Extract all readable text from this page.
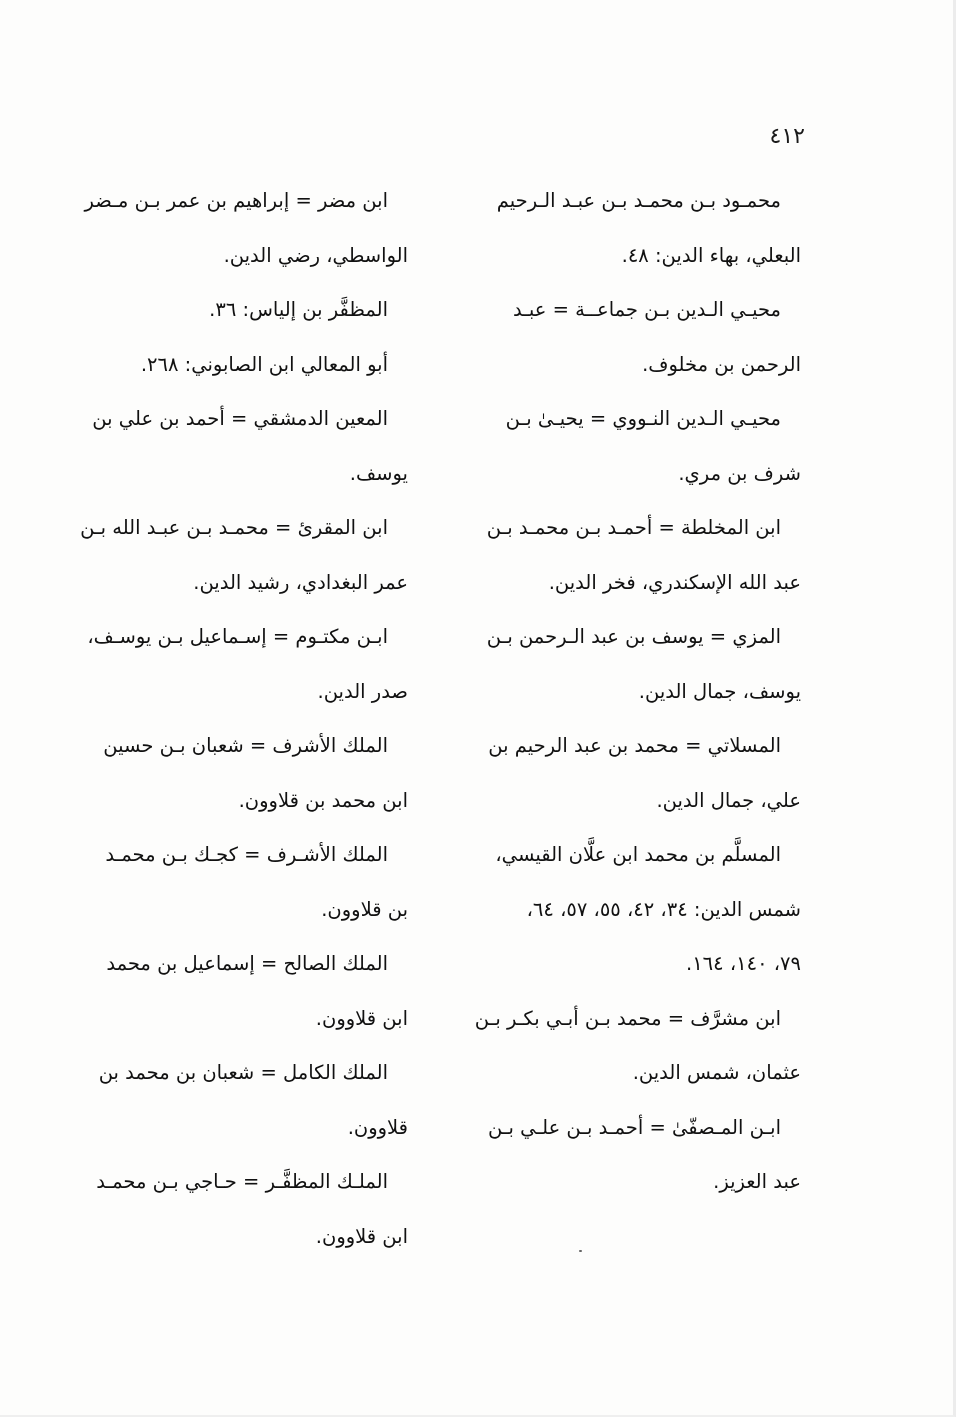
٤١٢

محمـود بـن محمـد بـن عبـد الـرحيم
البعلي، بهاء الدين: ٤٨.

محيـي الـدين بـن جماعــة = عبـد
الرحمن بن مخلوف.

محيـي الـدين النـووي = يحيـىٰ بـن
شرف بن مري.

ابن المخلطة = أحمـد بـن محمـد بـن
عبد الله الإسكندري، فخر الدين.

المزي = يوسف بن عبد الـرحمن بـن
يوسف، جمال الدين.

المسلاتي = محمد بن عبد الرحيم بن
علي، جمال الدين.

المسلَّم بن محمد ابن علَّان القيسي،
شمس الدين: ٣٤، ٤٢، ٥٥، ٥٧، ٦٤،
٧٩، ١٤٠، ١٦٤.

ابن مشرَّف = محمد بـن أبـي بكـر بـن
عثمان، شمس الدين.

ابـن المـصفّىٰ = أحمـد بـن علـي بـن
عبد العزيز.

ابن مضر = إبراهيم بن عمر بـن مـضر
الواسطي، رضي الدين.

المظفَّر بن إلياس: ٣٦.

أبو المعالي ابن الصابوني: ٢٦٨.

المعين الدمشقي = أحمد بن علي بن
يوسف.

ابن المقرئ = محمـد بـن عبـد الله بـن
عمر البغدادي، رشيد الدين.

ابـن مكتـوم = إسـماعيل بـن يوسـف،
صدر الدين.

الملك الأشرف = شعبان بـن حسين
ابن محمد بن قلاوون.

الملك الأشـرف = كجـك بـن محمـد
بن قلاوون.

الملك الصالح = إسماعيل بن محمد
ابن قلاوون.

الملك الكامل = شعبان بن محمد بن
قلاوون.

الملـك المظفَّـر = حـاجي بـن محمـد
ابن قلاوون.
